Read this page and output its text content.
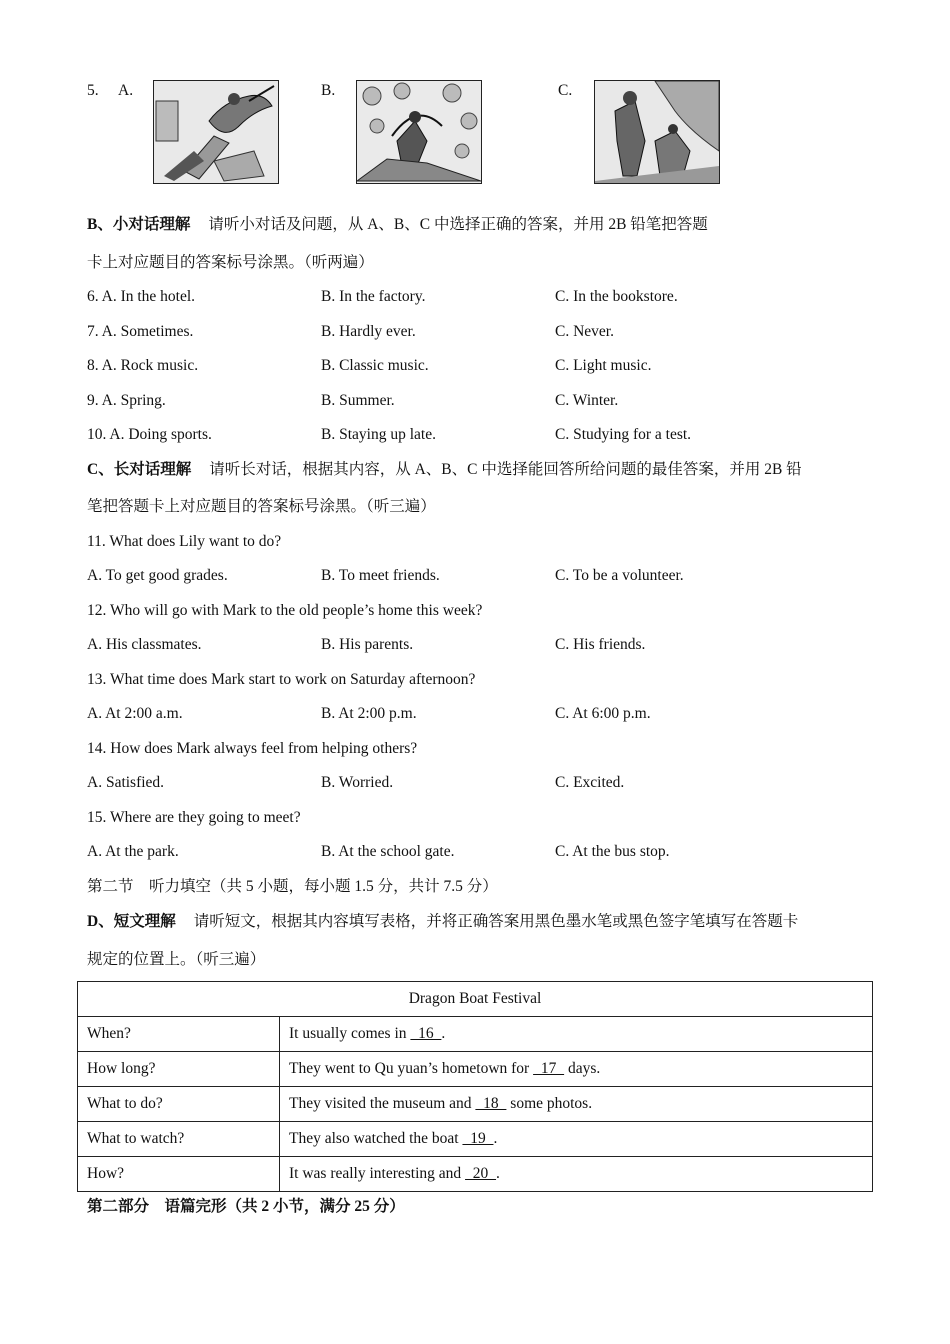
5. A.	B.	C.
B、小对话理解 请听小对话及问题，从 A、B、C 中选择正确的答案，并用 2B 铅笔把答题
卡上对应题目的答案标号涂黑。（听两遍）
6. A. In the hotel.	B. In the factory.	C. In the bookstore.
7. A. Sometimes.	B. Hardly ever.	C. Never.
8. A. Rock music.	B. Classic music.	C. Light music.
9. A. Spring.	B. Summer.	C. Winter.
10. A. Doing sports.	B. Staying up late.	C. Studying for a test.
C、长对话理解 请听长对话，根据其内容，从 A、B、C 中选择能回答所给问题的最佳答案，并用 2B 铅
笔把答题卡上对应题目的答案标号涂黑。（听三遍）
11. What does Lily want to do?
A. To get good grades.	B. To meet friends.	C. To be a volunteer.
12. Who will go with Mark to the old people’s home this week?
A. His classmates.	B. His parents.	C. His friends.
13. What time does Mark start to work on Saturday afternoon?
A. At 2:00 a.m.	B. At 2:00 p.m.	C. At 6:00 p.m.
14. How does Mark always feel from helping others?
A. Satisfied.	B. Worried.	C. Excited.
15. Where are they going to meet?
A. At the park.	B. At the school gate.	C. At the bus stop.
第二节　听力填空（共 5 小题，每小题 1.5 分，共计 7.5 分）
D、短文理解 请听短文，根据其内容填写表格，并将正确答案用黑色墨水笔或黑色签字笔填写在答题卡
规定的位置上。（听三遍）
Dragon Boat Festival	
When?	It usually comes in   16  .
How long?	They went to Qu yuan’s hometown for   17   days.
What to do?	They visited the museum and   18   some photos.
What to watch?	They also watched the boat   19  .
How?	It was really interesting and   20  .
第二部分　语篇完形（共 2 小节，满分 25 分）
